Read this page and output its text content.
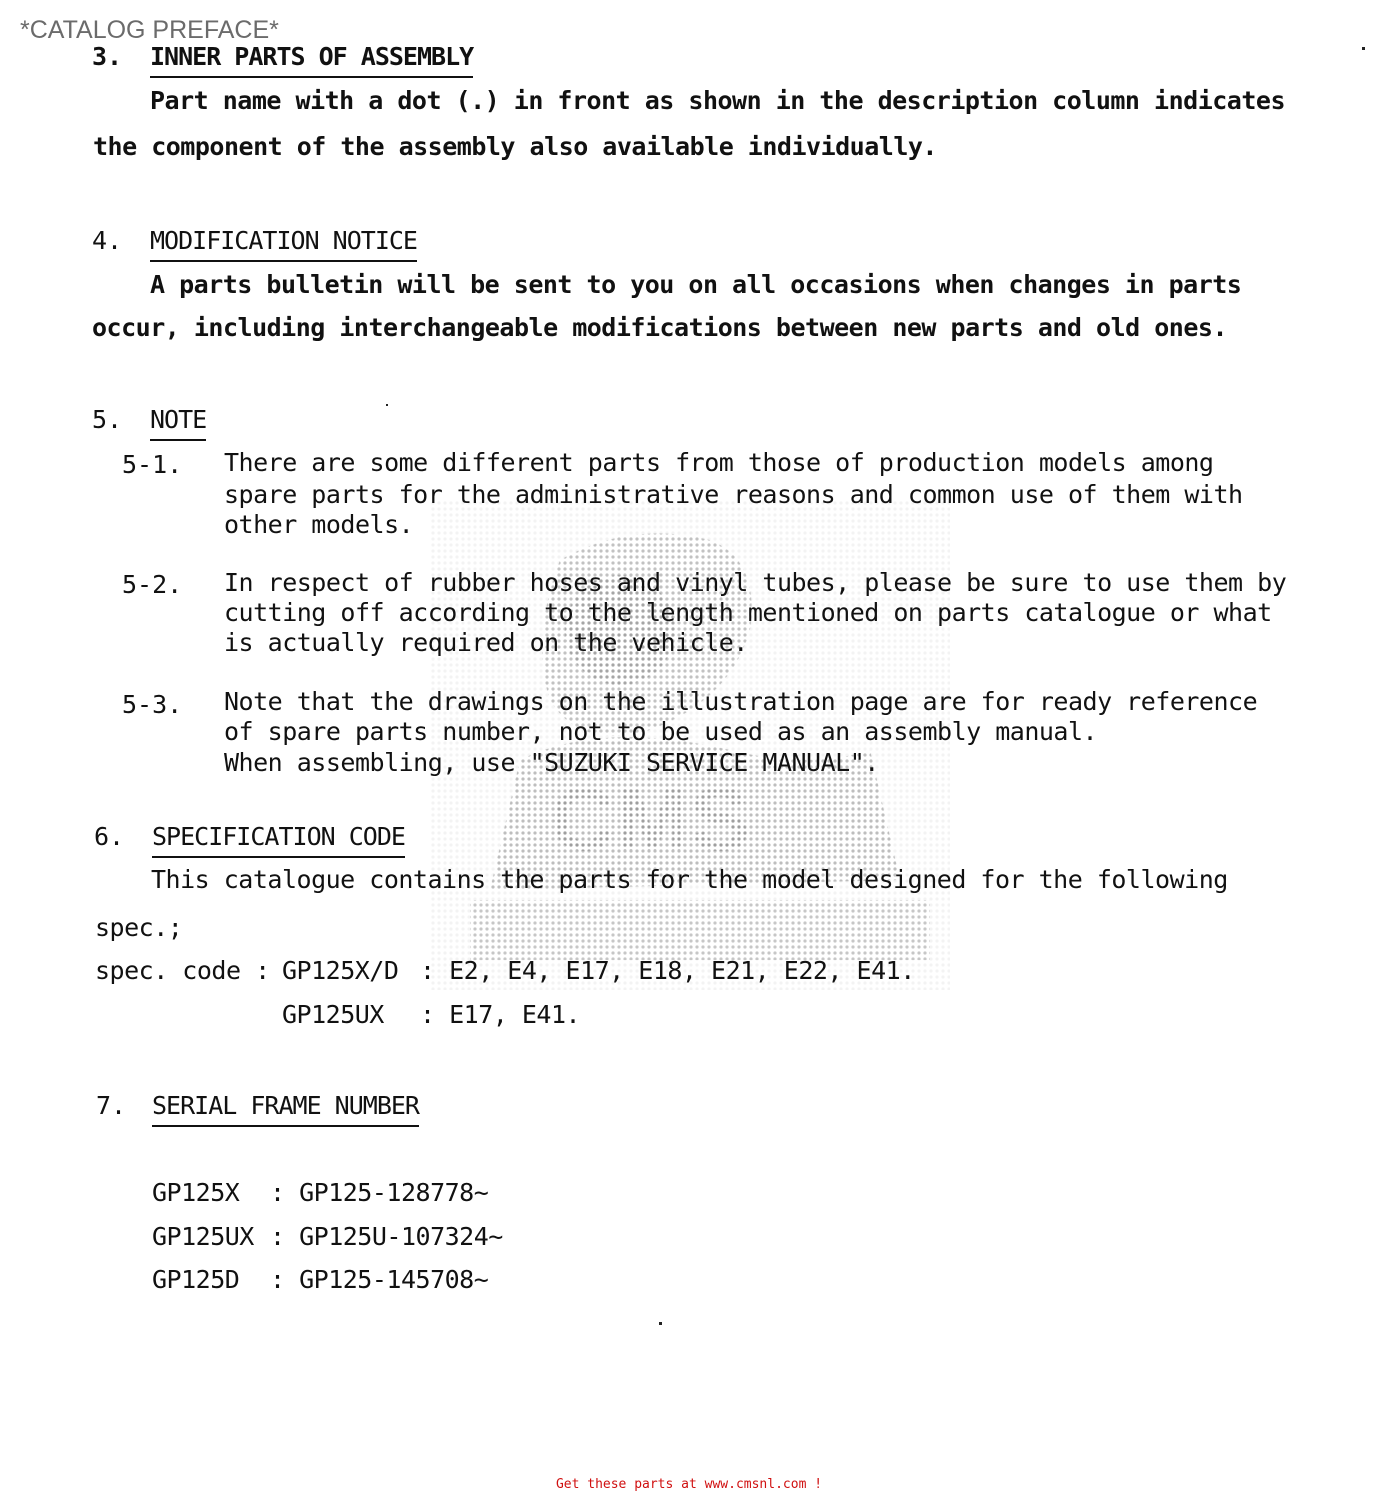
CMS
*CATALOG PREFACE*
3. INNER PARTS OF ASSEMBLY
Part name with a dot (.) in front as shown in the description column indicates
the component of the assembly also available individually.
4. MODIFICATION NOTICE
A parts bulletin will be sent to you on all occasions when changes in parts
occur, including interchangeable modifications between new parts and old ones.
5. NOTE
5-1. There are some different parts from those of production models among
spare parts for the administrative reasons and common use of them with
other models.
5-2. In respect of rubber hoses and vinyl tubes, please be sure to use them by
cutting off according to the length mentioned on parts catalogue or what
is actually required on the vehicle.
5-3. Note that the drawings on the illustration page are for ready reference
of spare parts number, not to be used as an assembly manual.
When assembling, use "SUZUKI SERVICE MANUAL".
6. SPECIFICATION CODE
This catalogue contains the parts for the model designed for the following
spec.;
spec. code : GP125X/D : E2, E4, E17, E18, E21, E22, E41.
GP125UX : E17, E41.
7. SERIAL FRAME NUMBER
GP125X : GP125-128778~
GP125UX : GP125U-107324~
GP125D : GP125-145708~
Get these parts at www.cmsnl.com !
